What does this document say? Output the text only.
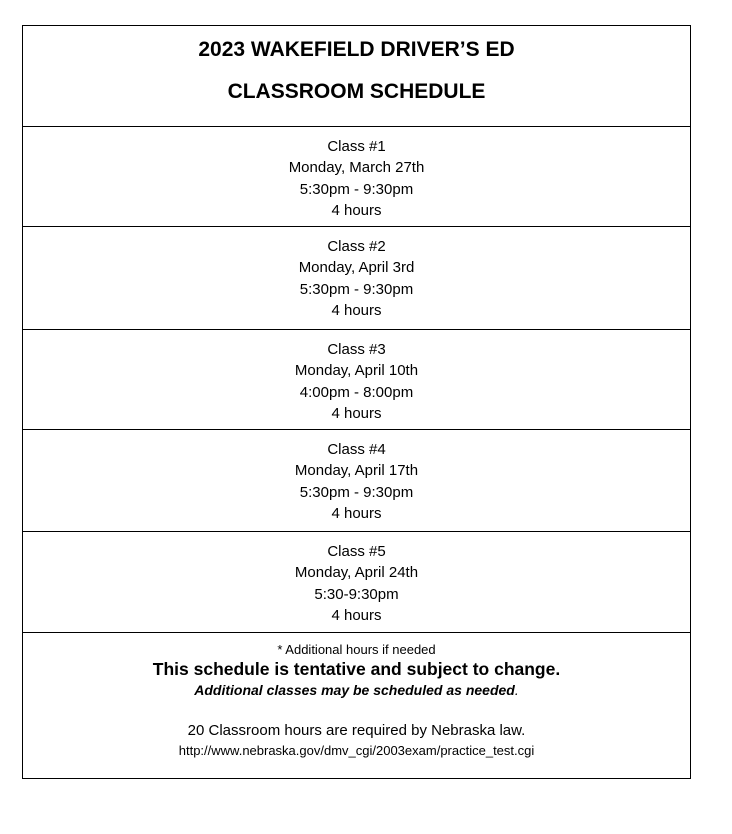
2023 WAKEFIELD DRIVER’S ED
CLASSROOM SCHEDULE

Class #1
Monday, March 27th
5:30pm - 9:30pm
4 hours

Class #2
Monday, April 3rd
5:30pm - 9:30pm
4 hours

Class #3
Monday, April 10th
4:00pm - 8:00pm
4 hours

Class #4
Monday, April 17th
5:30pm - 9:30pm
4 hours

Class #5
Monday, April 24th
5:30-9:30pm
4 hours

* Additional hours if needed
This schedule is tentative and subject to change.
Additional classes may be scheduled as needed.
20 Classroom hours are required by Nebraska law.
http://www.nebraska.gov/dmv_cgi/2003exam/practice_test.cgi
